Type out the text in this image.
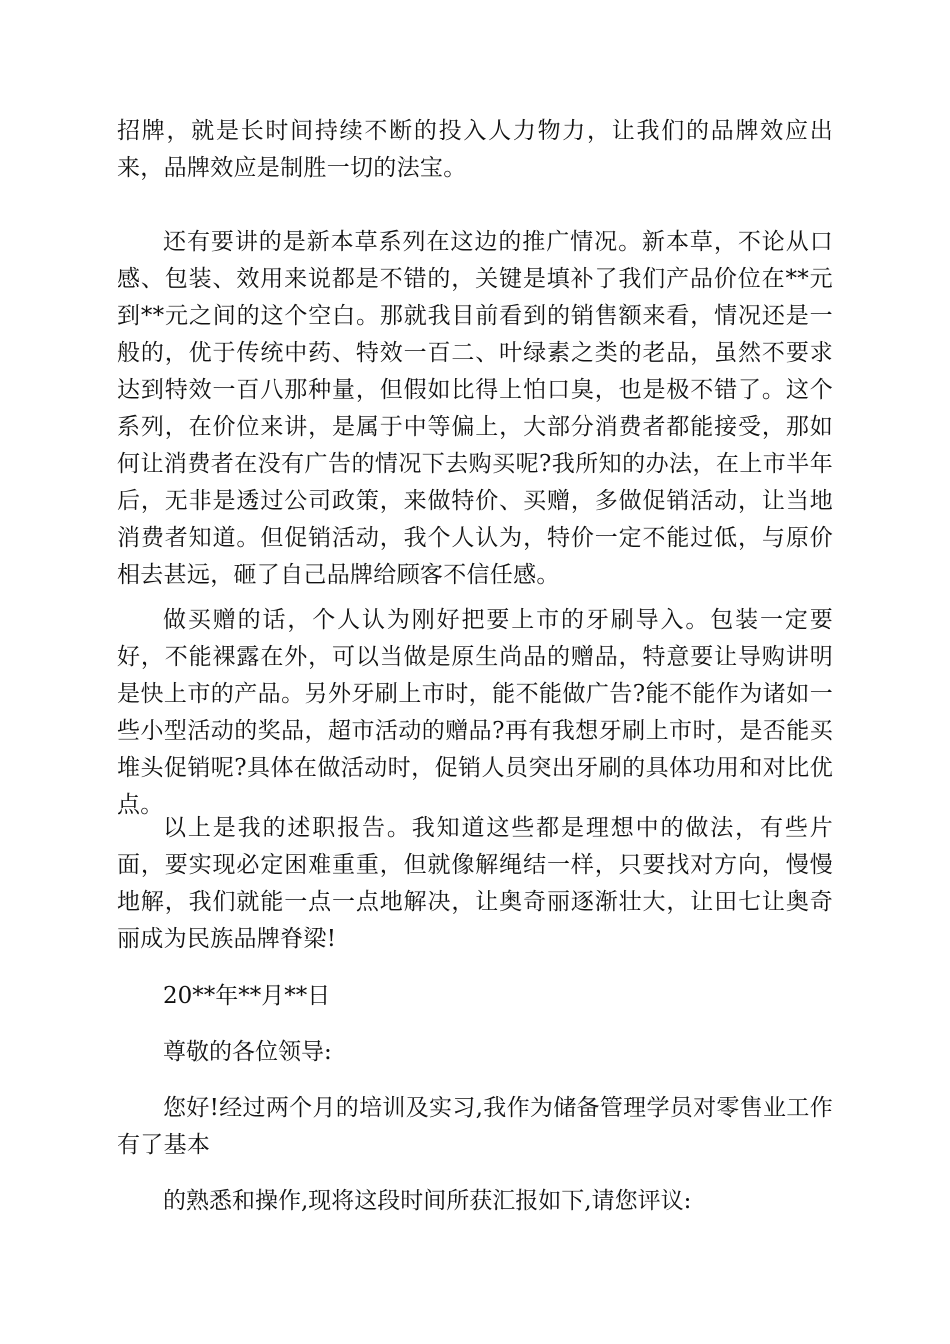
招牌，就是长时间持续不断的投入人力物力，让我们的品牌效应出来，品牌效应是制胜一切的法宝。

还有要讲的是新本草系列在这边的推广情况。新本草，不论从口感、包装、效用来说都是不错的，关键是填补了我们产品价位在**元到**元之间的这个空白。那就我目前看到的销售额来看，情况还是一般的，优于传统中药、特效一百二、叶绿素之类的老品，虽然不要求达到特效一百八那种量，但假如比得上怕口臭，也是极不错了。这个系列，在价位来讲，是属于中等偏上，大部分消费者都能接受，那如何让消费者在没有广告的情况下去购买呢?我所知的办法，在上市半年后，无非是透过公司政策，来做特价、买赠，多做促销活动，让当地消费者知道。但促销活动，我个人认为，特价一定不能过低，与原价相去甚远，砸了自己品牌给顾客不信任感。

做买赠的话，个人认为刚好把要上市的牙刷导入。包装一定要好，不能裸露在外，可以当做是原生尚品的赠品，特意要让导购讲明是快上市的产品。另外牙刷上市时，能不能做广告?能不能作为诸如一些小型活动的奖品，超市活动的赠品?再有我想牙刷上市时，是否能买堆头促销呢?具体在做活动时，促销人员突出牙刷的具体功用和对比优点。

以上是我的述职报告。我知道这些都是理想中的做法，有些片面，要实现必定困难重重，但就像解绳结一样，只要找对方向，慢慢地解，我们就能一点一点地解决，让奥奇丽逐渐壮大，让田七让奥奇丽成为民族品牌脊梁!

20**年**月**日

尊敬的各位领导:

您好!经过两个月的培训及实习,我作为储备管理学员对零售业工作有了基本

的熟悉和操作,现将这段时间所获汇报如下,请您评议:
